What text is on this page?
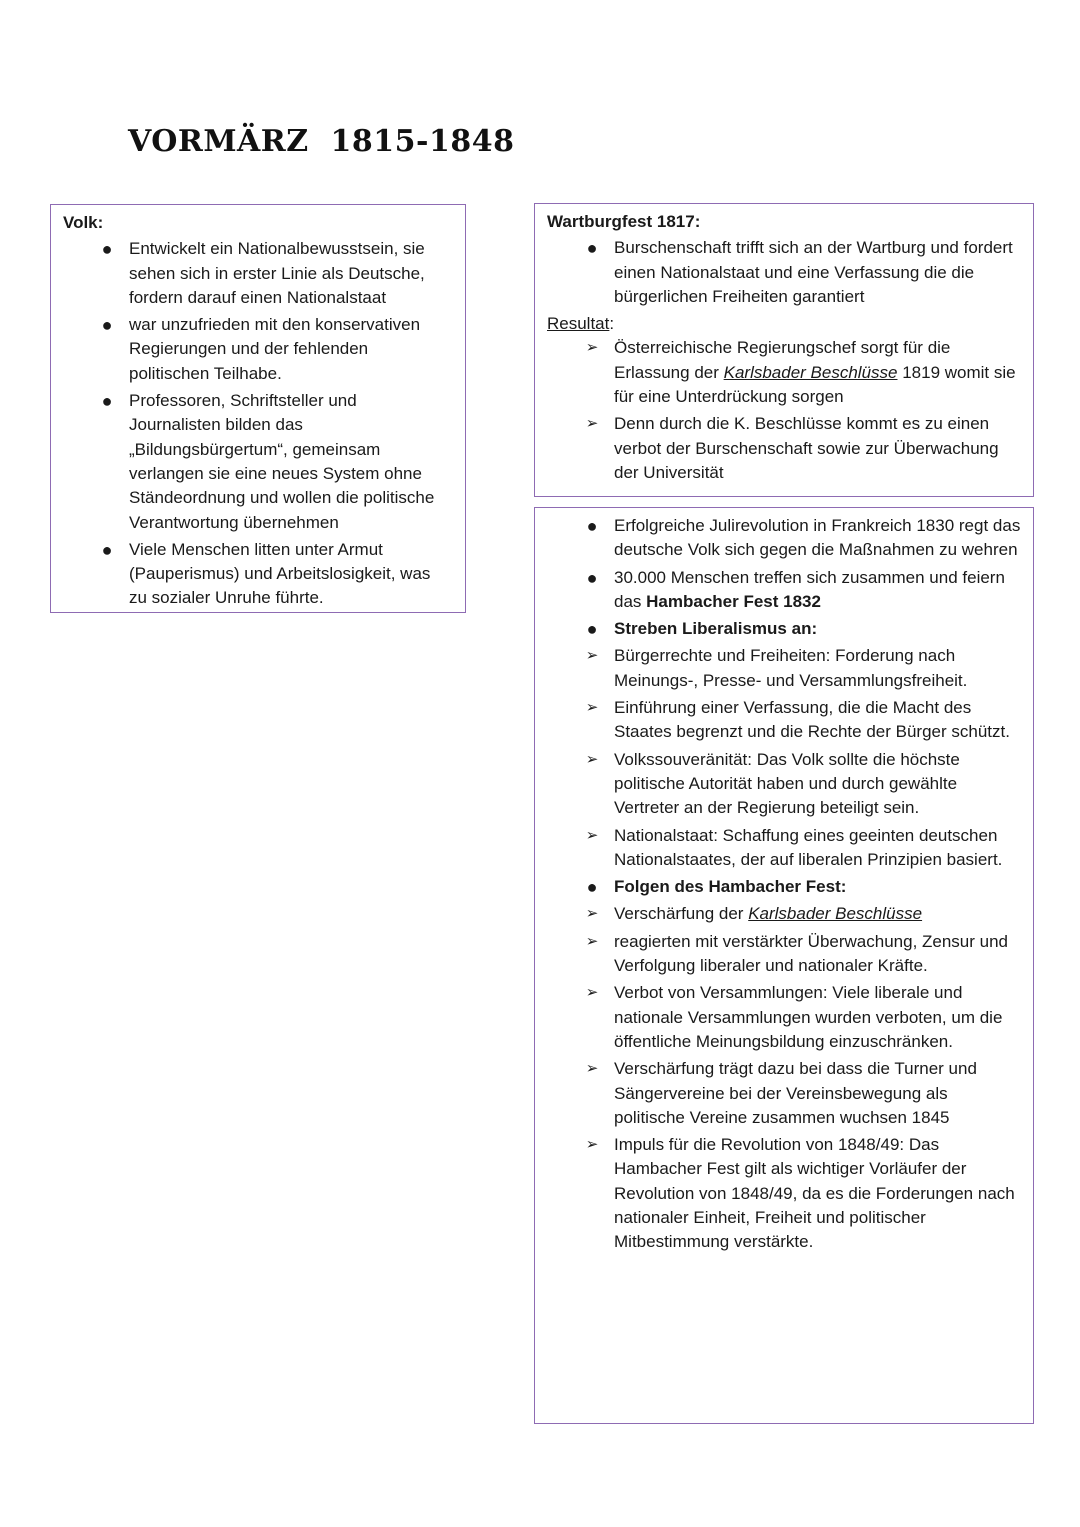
VORMÄRZ  1815-1848

Volk:

● Entwickelt ein Nationalbewusstsein, sie sehen sich in erster Linie als Deutsche, fordern darauf einen Nationalstaat
● war unzufrieden mit den konservativen Regierungen und der fehlenden politischen Teilhabe.
● Professoren, Schriftsteller und Journalisten bilden das „Bildungsbürgertum“, gemeinsam verlangen sie eine neues System ohne Ständeordnung und wollen die politische Verantwortung übernehmen
● Viele Menschen litten unter Armut (Pauperismus) und Arbeitslosigkeit, was zu sozialer Unruhe führte.

Wartburgfest 1817:

● Burschenschaft trifft sich an der Wartburg und fordert einen Nationalstaat und eine Verfassung die die bürgerlichen Freiheiten garantiert

Resultat:

➢ Österreichische Regierungschef sorgt für die Erlassung der Karlsbader Beschlüsse 1819 womit sie für eine Unterdrückung sorgen
➢ Denn durch die K. Beschlüsse kommt es zu einen verbot der Burschenschaft sowie zur Überwachung der Universität
● Erfolgreiche Julirevolution in Frankreich 1830 regt das deutsche Volk sich gegen die Maßnahmen zu wehren
● 30.000 Menschen treffen sich zusammen und feiern das Hambacher Fest 1832
● Streben Liberalismus an:
➢ Bürgerrechte und Freiheiten: Forderung nach Meinungs-, Presse- und Versammlungsfreiheit.
➢ Einführung einer Verfassung, die die Macht des Staates begrenzt und die Rechte der Bürger schützt.
➢ Volkssouveränität: Das Volk sollte die höchste politische Autorität haben und durch gewählte Vertreter an der Regierung beteiligt sein.
➢ Nationalstaat: Schaffung eines geeinten deutschen Nationalstaates, der auf liberalen Prinzipien basiert.
● Folgen des Hambacher Fest:
➢ Verschärfung der Karlsbader Beschlüsse
➢ reagierten mit verstärkter Überwachung, Zensur und Verfolgung liberaler und nationaler Kräfte.
➢ Verbot von Versammlungen: Viele liberale und nationale Versammlungen wurden verboten, um die öffentliche Meinungsbildung einzuschränken.
➢ Verschärfung trägt dazu bei dass die Turner und Sängervereine bei der Vereinsbewegung als politische Vereine zusammen wuchsen 1845
➢ Impuls für die Revolution von 1848/49: Das Hambacher Fest gilt als wichtiger Vorläufer der Revolution von 1848/49, da es die Forderungen nach nationaler Einheit, Freiheit und politischer Mitbestimmung verstärkte.
